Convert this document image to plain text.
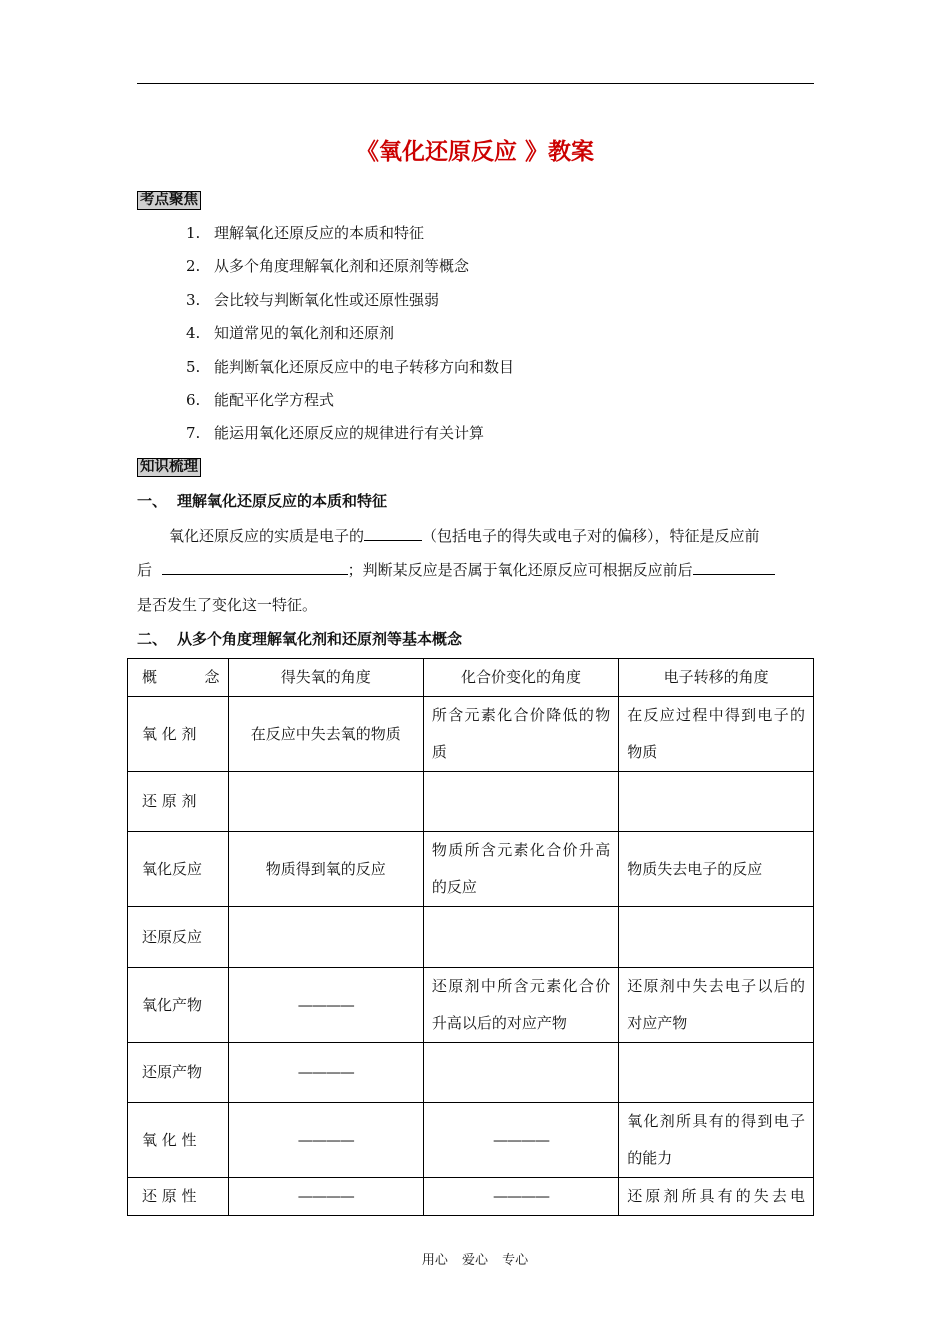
《氧化还原反应 》教案
考点聚焦
1. 理解氧化还原反应的本质和特征
2. 从多个角度理解氧化剂和还原剂等概念
3. 会比较与判断氧化性或还原性强弱
4. 知道常见的氧化剂和还原剂
5. 能判断氧化还原反应中的电子转移方向和数目
6. 能配平化学方程式
7. 能运用氧化还原反应的规律进行有关计算
知识梳理
一、 理解氧化还原反应的本质和特征
氧化还原反应的实质是电子的	（包括电子的得失或电子对的偏移），特征是反应前
后	；判断某反应是否属于氧化还原反应可根据反应前后
是否发生了变化这一特征。
二、 从多个角度理解氧化剂和还原剂等基本概念
概　　念	得失氧的角度	化合价变化的角度	电子转移的角度
氧 化 剂	在反应中失去氧的物质	所含元素化合价降低的物质	在反应过程中得到电子的物质
还 原 剂			
氧化反应	物质得到氧的反应	物质所含元素化合价升高的反应	物质失去电子的反应
还原反应			
氧化产物	————	还原剂中所含元素化合价升高以后的对应产物	还原剂中失去电子以后的对应产物
还原产物	————		
氧 化 性	————	————	氧化剂所具有的得到电子的能力
还 原 性	————	————	还原剂所具有的失去电
用心 爱心 专心
